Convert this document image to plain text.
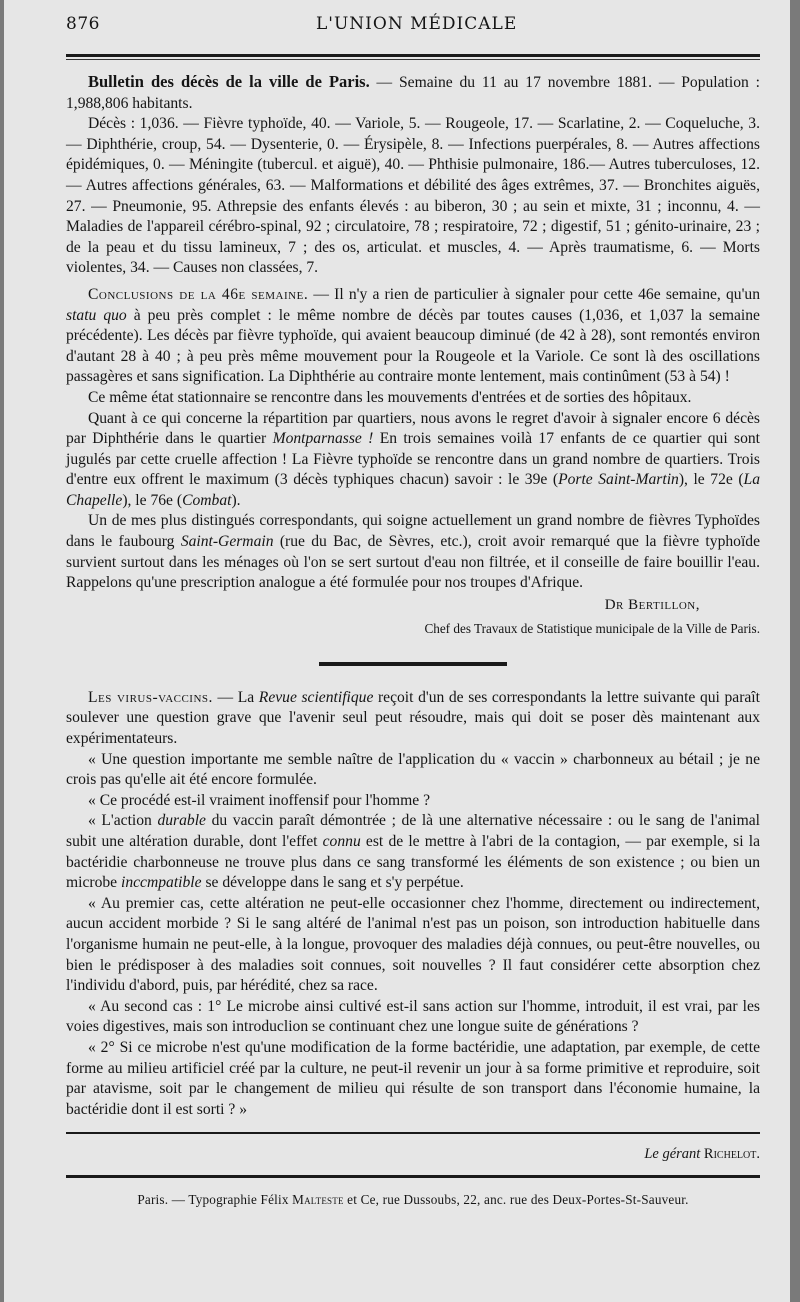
876	L'UNION MÉDICALE

Bulletin des décès de la ville de Paris. — Semaine du 11 au 17 novembre 1881. — Population : 1,988,806 habitants.

Décès : 1,036. — Fièvre typhoïde, 40. — Variole, 5. — Rougeole, 17. — Scarlatine, 2. — Coqueluche, 3. — Diphthérie, croup, 54. — Dysenterie, 0. — Érysipèle, 8. — Infections puerpérales, 8. — Autres affections épidémiques, 0. — Méningite (tubercul. et aiguë), 40. — Phthisie pulmonaire, 186.— Autres tuberculoses, 12. — Autres affections générales, 63. — Malformations et débilité des âges extrêmes, 37. — Bronchites aiguës, 27. — Pneumonie, 95. Athrepsie des enfants élevés : au biberon, 30 ; au sein et mixte, 31 ; inconnu, 4. — Maladies de l'appareil cérébro-spinal, 92 ; circulatoire, 78 ; respiratoire, 72 ; digestif, 51 ; génito-urinaire, 23 ; de la peau et du tissu lamineux, 7 ; des os, articulat. et muscles, 4. — Après traumatisme, 6. — Morts violentes, 34. — Causes non classées, 7.

Conclusions de la 46e semaine. — Il n'y a rien de particulier à signaler pour cette 46e semaine, qu'un statu quo à peu près complet : le même nombre de décès par toutes causes (1,036, et 1,037 la semaine précédente). Les décès par fièvre typhoïde, qui avaient beaucoup diminué (de 42 à 28), sont remontés environ d'autant 28 à 40 ; à peu près même mouvement pour la Rougeole et la Variole. Ce sont là des oscillations passagères et sans signification. La Diphthérie au contraire monte lentement, mais continûment (53 à 54) !

Ce même état stationnaire se rencontre dans les mouvements d'entrées et de sorties des hôpitaux.

Quant à ce qui concerne la répartition par quartiers, nous avons le regret d'avoir à signaler encore 6 décès par Diphthérie dans le quartier Montparnasse ! En trois semaines voilà 17 enfants de ce quartier qui sont jugulés par cette cruelle affection ! La Fièvre typhoïde se rencontre dans un grand nombre de quartiers. Trois d'entre eux offrent le maximum (3 décès typhiques chacun) savoir : le 39e (Porte Saint-Martin), le 72e (La Chapelle), le 76e (Combat).

Un de mes plus distingués correspondants, qui soigne actuellement un grand nombre de fièvres Typhoïdes dans le faubourg Saint-Germain (rue du Bac, de Sèvres, etc.), croit avoir remarqué que la fièvre typhoïde survient surtout dans les ménages où l'on se sert surtout d'eau non filtrée, et il conseille de faire bouillir l'eau. Rappelons qu'une prescription analogue a été formulée pour nos troupes d'Afrique.

Dr Bertillon,
Chef des Travaux de Statistique municipale de la Ville de Paris.

Les virus-vaccins. — La Revue scientifique reçoit d'un de ses correspondants la lettre suivante qui paraît soulever une question grave que l'avenir seul peut résoudre, mais qui doit se poser dès maintenant aux expérimentateurs.

« Une question importante me semble naître de l'application du « vaccin » charbonneux au bétail ; je ne crois pas qu'elle ait été encore formulée.

« Ce procédé est-il vraiment inoffensif pour l'homme ?

« L'action durable du vaccin paraît démontrée ; de là une alternative nécessaire : ou le sang de l'animal subit une altération durable, dont l'effet connu est de le mettre à l'abri de la contagion, — par exemple, si la bactéridie charbonneuse ne trouve plus dans ce sang transformé les éléments de son existence ; ou bien un microbe inccmpatible se développe dans le sang et s'y perpétue.

« Au premier cas, cette altération ne peut-elle occasionner chez l'homme, directement ou indirectement, aucun accident morbide ? Si le sang altéré de l'animal n'est pas un poison, son introduction habituelle dans l'organisme humain ne peut-elle, à la longue, provoquer des maladies déjà connues, ou peut-être nouvelles, ou bien le prédisposer à des maladies soit connues, soit nouvelles ? Il faut considérer cette absorption chez l'individu d'abord, puis, par hérédité, chez sa race.

« Au second cas : 1° Le microbe ainsi cultivé est-il sans action sur l'homme, introduit, il est vrai, par les voies digestives, mais son introduclion se continuant chez une longue suite de générations ?

« 2° Si ce microbe n'est qu'une modification de la forme bactéridie, une adaptation, par exemple, de cette forme au milieu artificiel créé par la culture, ne peut-il revenir un jour à sa forme primitive et reproduire, soit par atavisme, soit par le changement de milieu qui résulte de son transport dans l'économie humaine, la bactéridie dont il est sorti ? »

Le gérant Richelot.
Paris. — Typographie Félix Malteste et Ce, rue Dussoubs, 22, anc. rue des Deux-Portes-St-Sauveur.
